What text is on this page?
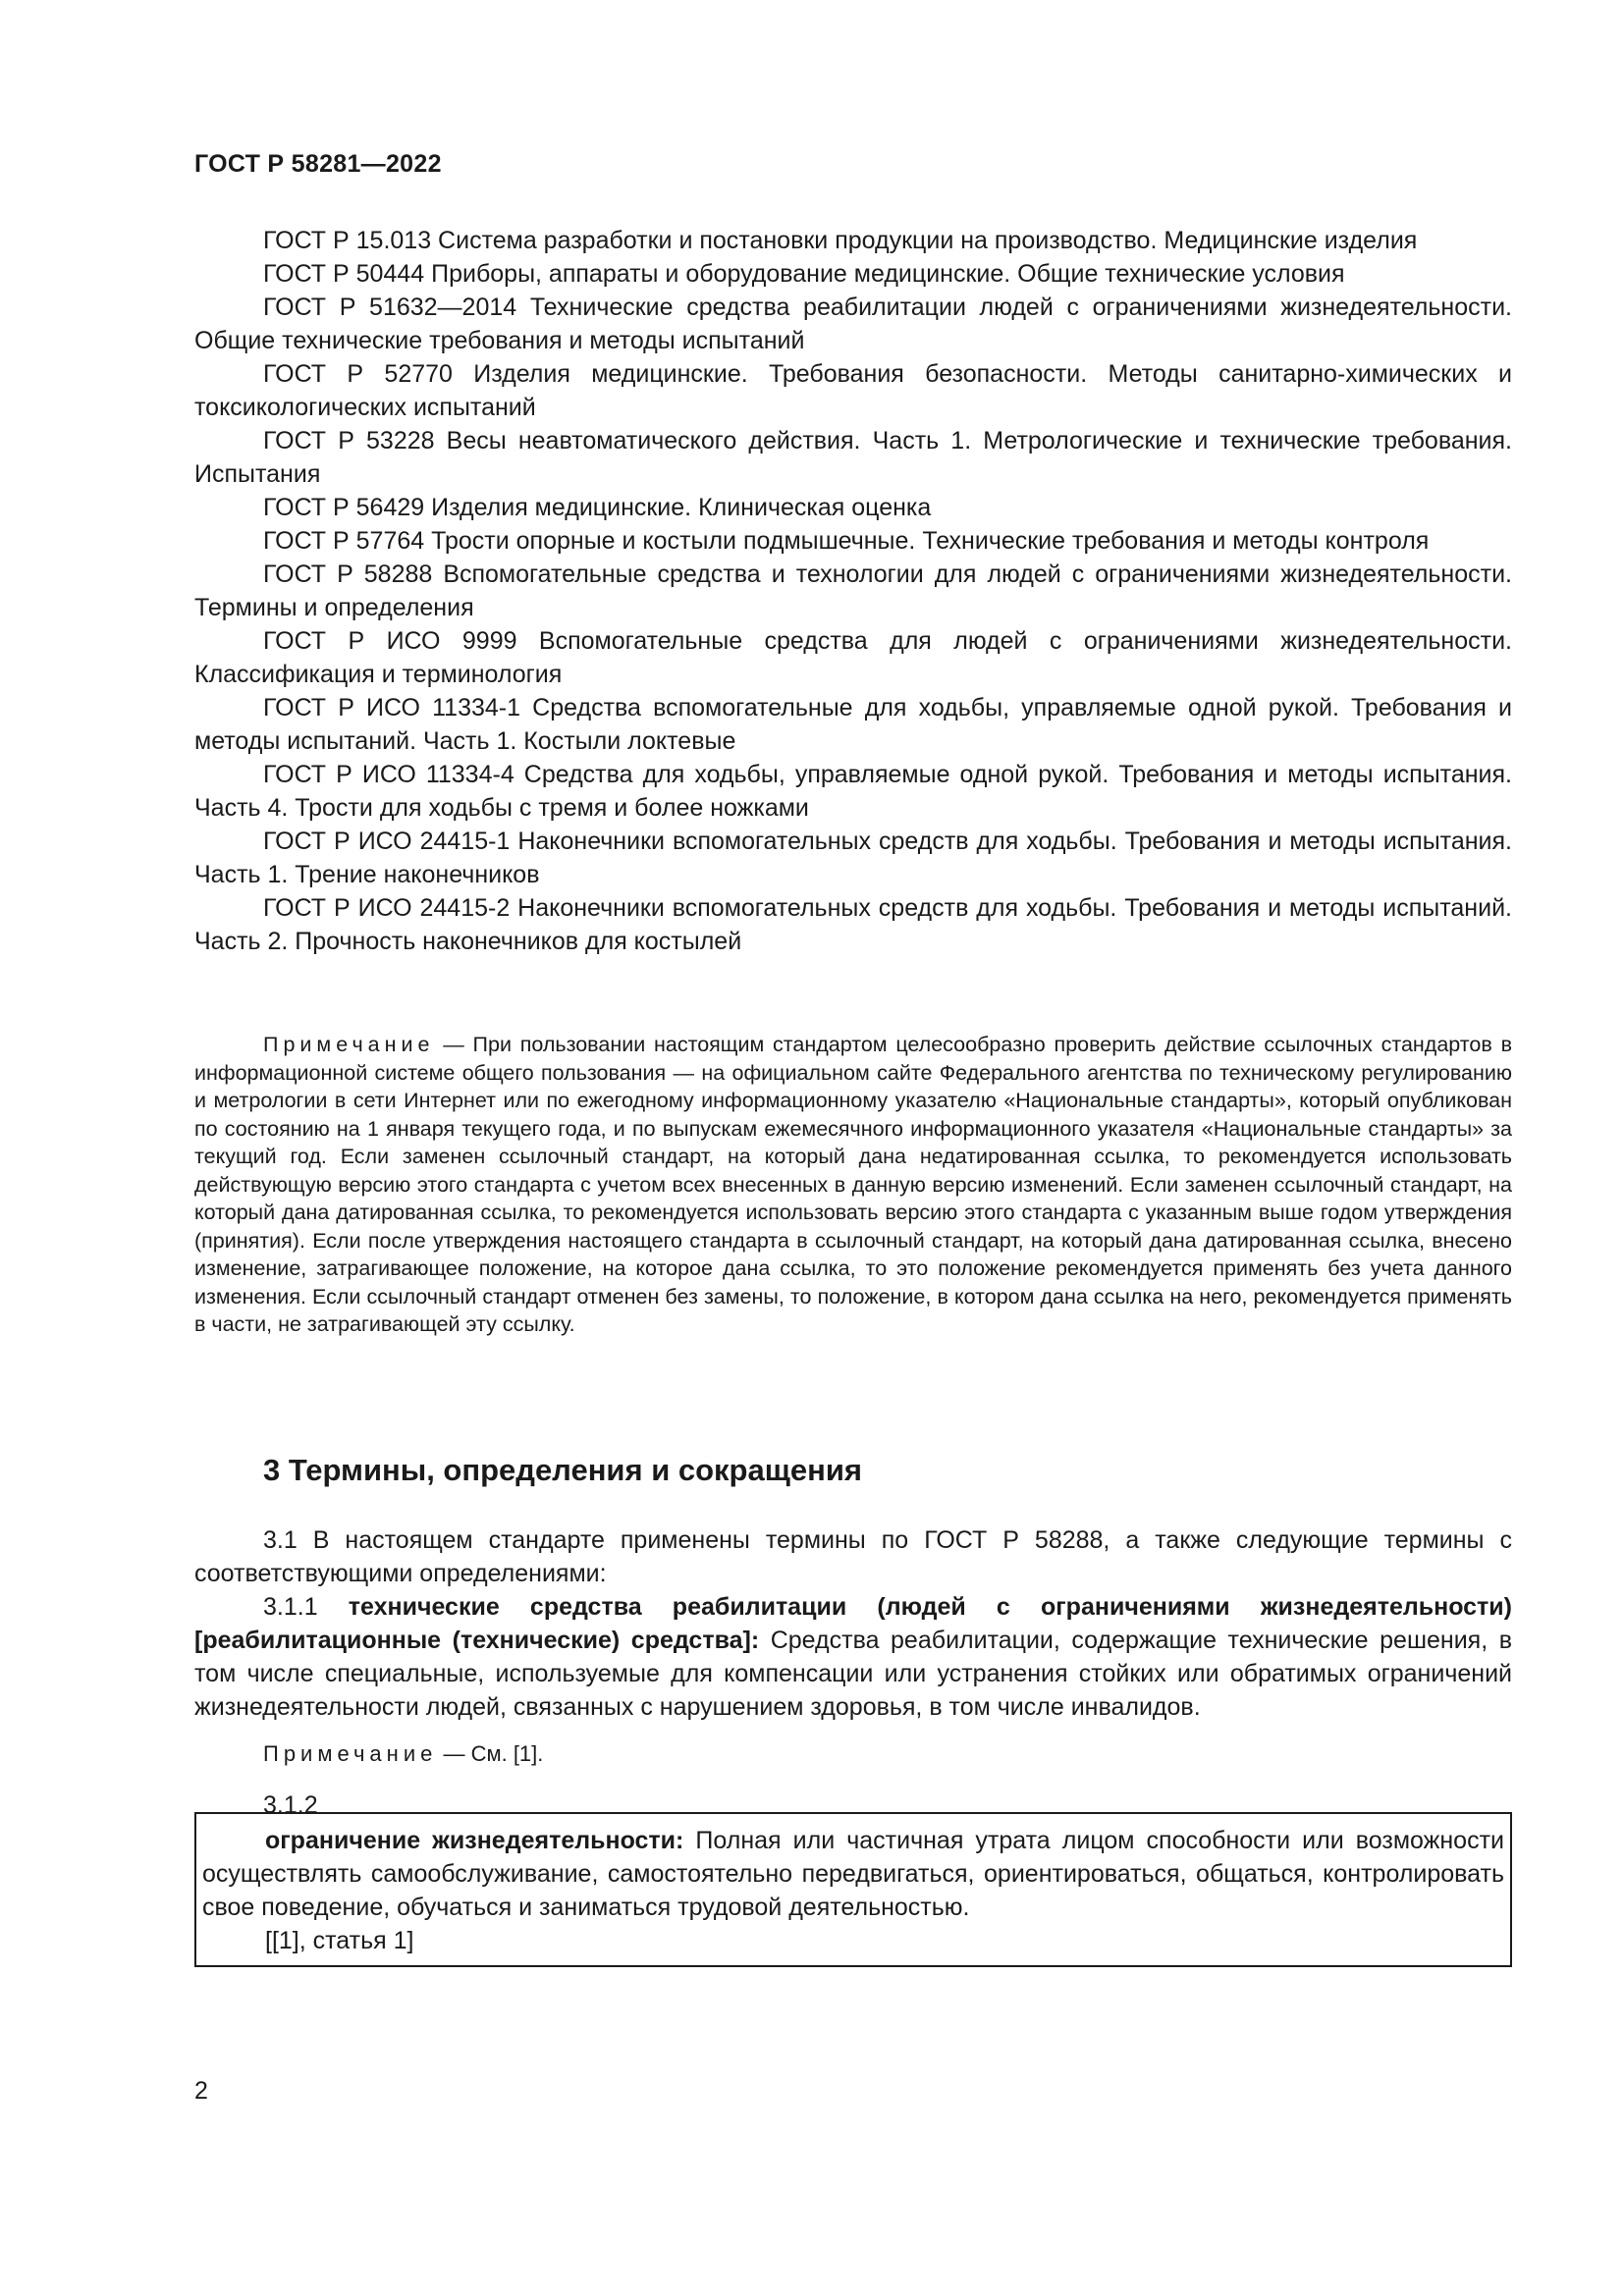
ГОСТ Р 58281—2022

ГОСТ Р 15.013 Система разработки и постановки продукции на производство. Медицинские изделия

ГОСТ Р 50444 Приборы, аппараты и оборудование медицинские. Общие технические условия

ГОСТ Р 51632—2014 Технические средства реабилитации людей с ограничениями жизнедеятельности. Общие технические требования и методы испытаний

ГОСТ Р 52770 Изделия медицинские. Требования безопасности. Методы санитарно-химических и токсикологических испытаний

ГОСТ Р 53228 Весы неавтоматического действия. Часть 1. Метрологические и технические требования. Испытания

ГОСТ Р 56429 Изделия медицинские. Клиническая оценка

ГОСТ Р 57764 Трости опорные и костыли подмышечные. Технические требования и методы контроля

ГОСТ Р 58288 Вспомогательные средства и технологии для людей с ограничениями жизнедеятельности. Термины и определения

ГОСТ Р ИСО 9999 Вспомогательные средства для людей с ограничениями жизнедеятельности. Классификация и терминология

ГОСТ Р ИСО 11334-1 Средства вспомогательные для ходьбы, управляемые одной рукой. Требования и методы испытаний. Часть 1. Костыли локтевые

ГОСТ Р ИСО 11334-4 Средства для ходьбы, управляемые одной рукой. Требования и методы испытания. Часть 4. Трости для ходьбы с тремя и более ножками

ГОСТ Р ИСО 24415-1 Наконечники вспомогательных средств для ходьбы. Требования и методы испытания. Часть 1. Трение наконечников

ГОСТ Р ИСО 24415-2 Наконечники вспомогательных средств для ходьбы. Требования и методы испытаний. Часть 2. Прочность наконечников для костылей

Примечание — При пользовании настоящим стандартом целесообразно проверить действие ссылочных стандартов в информационной системе общего пользования — на официальном сайте Федерального агентства по техническому регулированию и метрологии в сети Интернет или по ежегодному информационному указателю «Национальные стандарты», который опубликован по состоянию на 1 января текущего года, и по выпускам ежемесячного информационного указателя «Национальные стандарты» за текущий год. Если заменен ссылочный стандарт, на который дана недатированная ссылка, то рекомендуется использовать действующую версию этого стандарта с учетом всех внесенных в данную версию изменений. Если заменен ссылочный стандарт, на который дана датированная ссылка, то рекомендуется использовать версию этого стандарта с указанным выше годом утверждения (принятия). Если после утверждения настоящего стандарта в ссылочный стандарт, на который дана датированная ссылка, внесено изменение, затрагивающее положение, на которое дана ссылка, то это положение рекомендуется применять без учета данного изменения. Если ссылочный стандарт отменен без замены, то положение, в котором дана ссылка на него, рекомендуется применять в части, не затрагивающей эту ссылку.

3 Термины, определения и сокращения

3.1 В настоящем стандарте применены термины по ГОСТ Р 58288, а также следующие термины с соответствующими определениями:

3.1.1 технические средства реабилитации (людей с ограничениями жизнедеятельности) [реабилитационные (технические) средства]: Средства реабилитации, содержащие технические решения, в том числе специальные, используемые для компенсации или устранения стойких или обратимых ограничений жизнедеятельности людей, связанных с нарушением здоровья, в том числе инвалидов.

Примечание — См. [1].

3.1.2

ограничение жизнедеятельности: Полная или частичная утрата лицом способности или возможности осуществлять самообслуживание, самостоятельно передвигаться, ориентироваться, общаться, контролировать свое поведение, обучаться и заниматься трудовой деятельностью.

[[1], статья 1]

2
